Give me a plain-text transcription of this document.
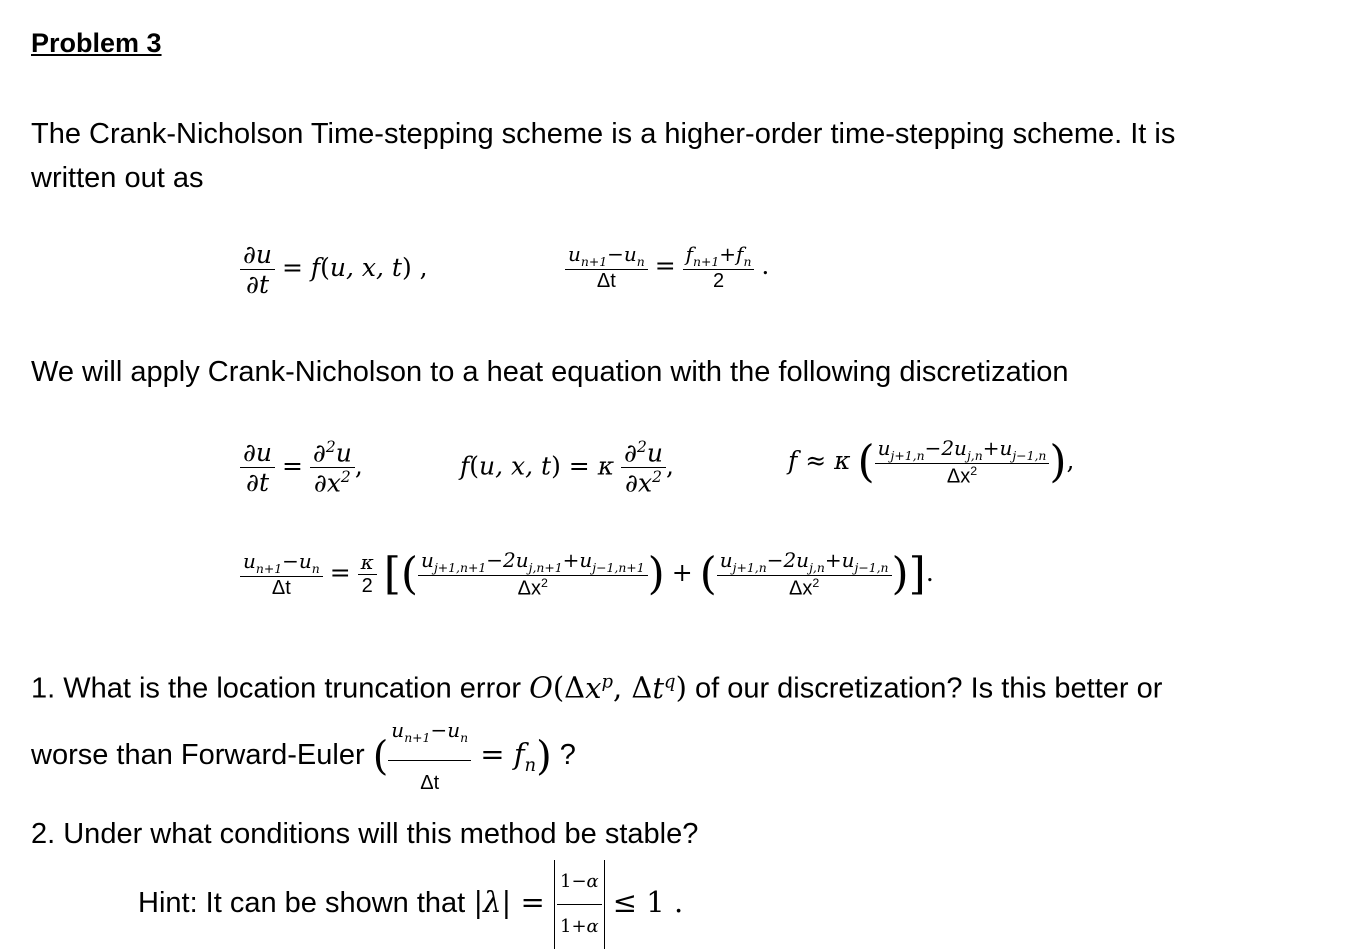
Problem 3
The Crank-Nicholson Time-stepping scheme is a higher-order time-stepping scheme. It is
written out as
$\frac{\partial u}{\partial t} = f(u$, x, t) ,	$\frac{u_{n+1}-u_n}{\Delta t} = \frac{f_{n+1}+f_n}{2}$ .
We will apply Crank-Nicholson to a heat equation with the following discretization
$\frac{\partial u}{\partial t} = \frac{\partial^2u}{\partial x^2}$ ,	f(u, x, t) = κ $\frac{\partial^2u}{\partial x^2}$ ,	f ≈ κ ( $\frac{u_{j+1,n}-2u_{j,n}+u_{j-1,n}}{\Delta x^2}$ ),
$\frac{u_{n+1}-u_n}{\Delta t} = \frac{\kappa}{2}$ [( $\frac{u_{j+1,n+1}-2u_{j,n+1}+u_{j-1,n+1}}{\Delta x^2}$ ) + ( $\frac{u_{j+1,n}-2u_{j,n}+u_{j-1,n}}{\Delta x^2}$ )].
1. What is the location truncation error $O(\Delta x^p$, $\Delta t^q$) of our discretization? Is this better or
worse than Forward-Euler ( $\frac{u_{n+1}-u_n}{\Delta t} = f_n$) ?
2. Under what conditions will this method be stable?
Hint: It can be shown that $|\lambda| = \frac{1-\alpha}{1+\alpha} \le 1$ .
